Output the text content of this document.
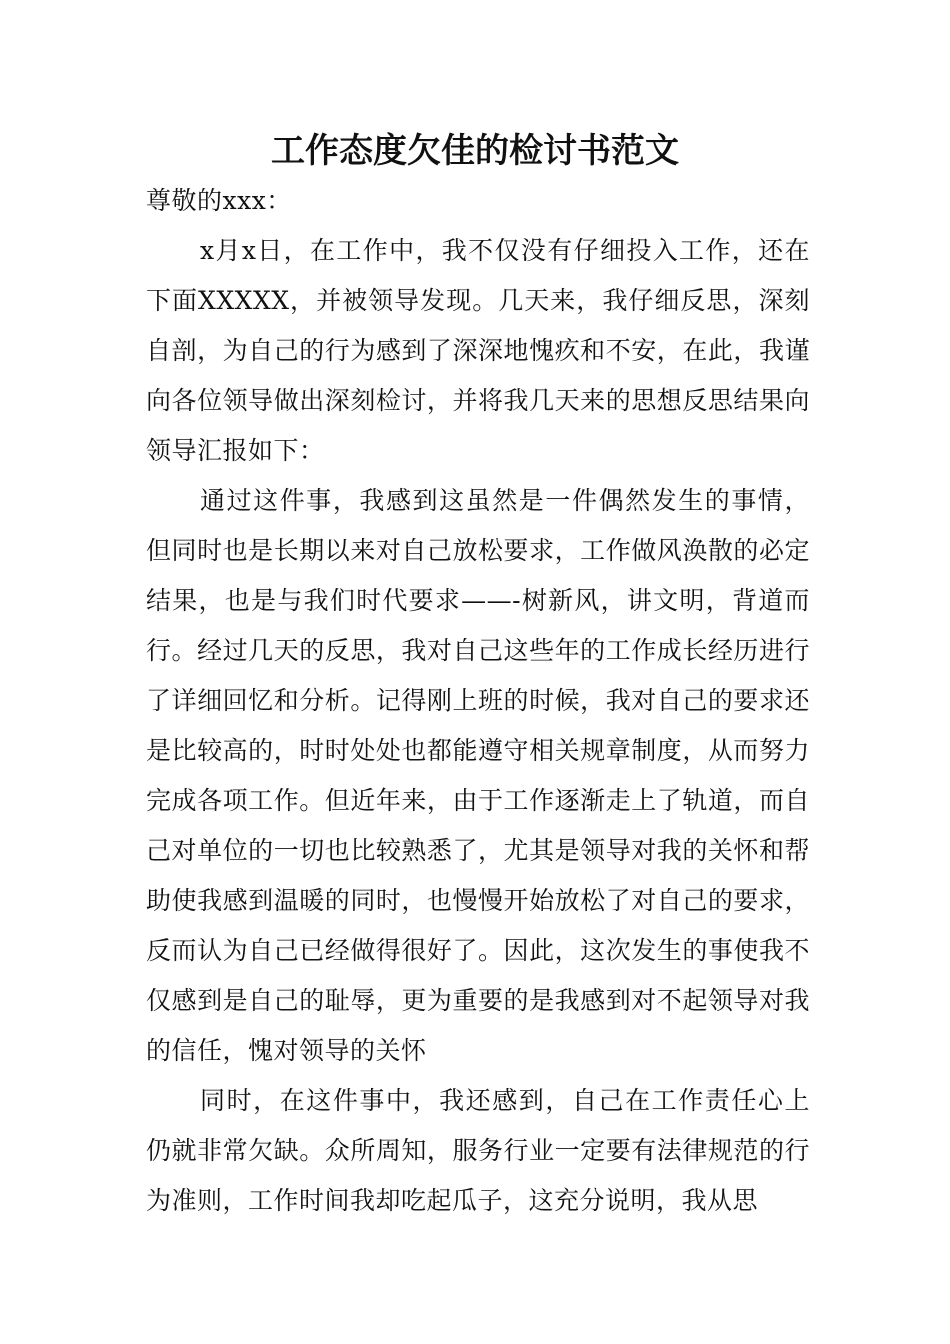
工作态度欠佳的检讨书范文

尊敬的xxx：

x月x日，在工作中，我不仅没有仔细投入工作，还在下面XXXXX，并被领导发现。几天来，我仔细反思，深刻自剖，为自己的行为感到了深深地愧疚和不安，在此，我谨向各位领导做出深刻检讨，并将我几天来的思想反思结果向领导汇报如下：

通过这件事，我感到这虽然是一件偶然发生的事情，但同时也是长期以来对自己放松要求，工作做风涣散的必定结果，也是与我们时代要求——-树新风，讲文明，背道而行。经过几天的反思，我对自己这些年的工作成长经历进行了详细回忆和分析。记得刚上班的时候，我对自己的要求还是比较高的，时时处处也都能遵守相关规章制度，从而努力完成各项工作。但近年来，由于工作逐渐走上了轨道，而自己对单位的一切也比较熟悉了，尤其是领导对我的关怀和帮助使我感到温暖的同时，也慢慢开始放松了对自己的要求，反而认为自己已经做得很好了。因此，这次发生的事使我不仅感到是自己的耻辱，更为重要的是我感到对不起领导对我的信任，愧对领导的关怀

同时，在这件事中，我还感到，自己在工作责任心上仍就非常欠缺。众所周知，服务行业一定要有法律规范的行为准则，工作时间我却吃起瓜子，这充分说明，我从思
